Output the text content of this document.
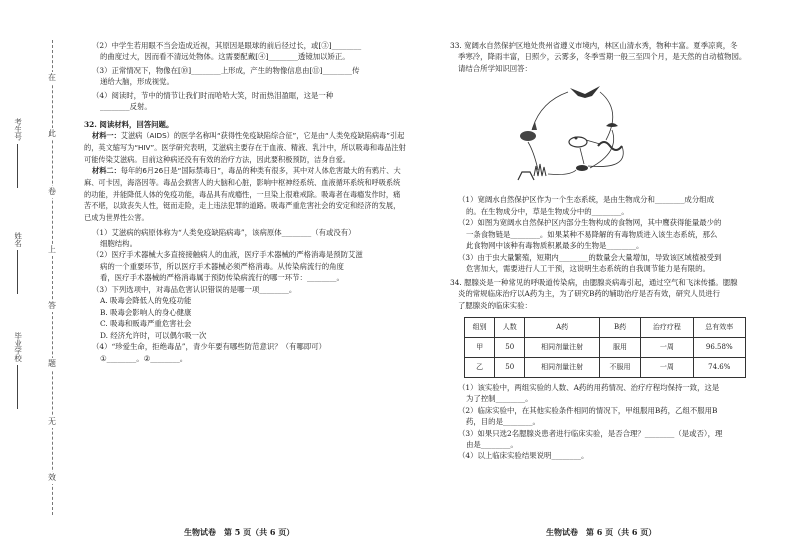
在
此
卷
上
答
题
无
效
考生号
姓名
毕业学校

（2）中学生若用眼不当会造成近视，其原因是眼球的前后径过长，或[③]________

的曲度过大，因而看不清远处物体。这需要配戴[④]________透镜加以矫正。

（3）正常情况下，物像在[⑩]________上形成，产生的物像信息由[⑪]________传

递给大脑，形成视觉。

（4）阅读时，节中的情节让我们时而哈哈大笑，时而热泪盈眶，这是一种

________反射。

32. 阅读材料，回答问题。

材料一：艾滋病（AIDS）的医学名称叫“获得性免疫缺陷综合征”，它是由“人类免疫缺陷病毒”引起的，英文缩写为“HIV”。医学研究表明，艾滋病主要存在于血液、精液、乳汁中，所以吸毒和毒品注射可能传染艾滋病。目前这种病还没有有效的治疗方法，因此要积极预防，洁身自爱。

材料二：每年的6月26日是“国际禁毒日”，毒品的种类有很多，其中对人体危害最大的有鸦片、大麻、可卡因，海洛因等。毒品会损害人的大脑和心脏，影响中枢神经系统、血液循环系统和呼吸系统的功能，并能降低人体的免疫功能，毒品具有成瘾性，一旦染上很难戒除。吸毒者在毒瘾发作时，痛苦不堪，以致丧失人性，铤而走险，走上违法犯罪的道路。吸毒严重危害社会的安定和经济的发展，已成为世界性公害。

（1）艾滋病的病原体称为“人类免疫缺陷病毒”，该病原体________（有或没有）

细胞结构。

（2）医疗手术器械大多直接接触病人的血液，医疗手术器械的严格消毒是预防艾滋

病的一个重要环节，所以医疗手术器械必须严格消毒。从传染病流行的角度

看，医疗手术器械的严格消毒属于预防传染病流行的哪一环节：________。

（3）下列选项中，对毒品危害认识错误的是哪一项________。

A. 吸毒会降低人的免疫功能

B. 吸毒会影响人的身心健康

C. 吸毒和贩毒严重危害社会

D. 经济允许时，可以偶尔吸一次

（4）“珍爱生命，拒绝毒品”，青少年要有哪些防范意识？（有哪即可）

①________。②________。

生物试卷　第 5 页（共 6 页）

33. 宽阔水自然保护区地处贵州省遵义市境内，林区山清水秀，物种丰富。夏季凉爽，冬

季寒冷，降雨丰富，日照少，云雾多，冬季雪期一般三至四个月，是天然的自动植物园。

请结合所学知识回答：

（1）宽阔水自然保护区作为一个生态系统，是由生物成分和________成分组成

的。在生物成分中，草是生物成分中的________。

（2）如图为宽阔水自然保护区内部分生物构成的食物网，其中鹰获得能量最少的

一条食物链是________。如果某种不易降解的有毒物质进入该生态系统，那么

此食物网中该种有毒物质积累最多的生物是________。

（3）由于虫大量繁殖，短期内________的数量会大量增加，导致该区域植被受到

危害加大，需要进行人工干预，这说明生态系统的自我调节能力是有限的。

34. 腮腺炎是一种常见的呼吸道传染病，由腮腺炎病毒引起，通过空气和飞沫传播。腮腺

炎的常规临床治疗以A药为主，为了研究B药的辅助治疗是否有效，研究人员进行

了腮腺炎的临床实验：

组别	人数	A药	B药	治疗疗程	总有效率
甲	50	相同剂量注射	服用	一周	96.58%
乙	50	相同剂量注射	不服用	一周	74.6%

（1）该实验中，两组实验的人数、A药的用药情况、治疗疗程均保持一致，这是

为了控制________。

（2）临床实验中，在其他实验条件相同的情况下，甲组服用B药，乙组不服用B

药，目的是________。

（3）如果只选2名腮腺炎患者进行临床实验，是否合理？________（是或否），理

由是________。

（4）以上临床实验结果说明________。

生物试卷　第 6 页（共 6 页）
